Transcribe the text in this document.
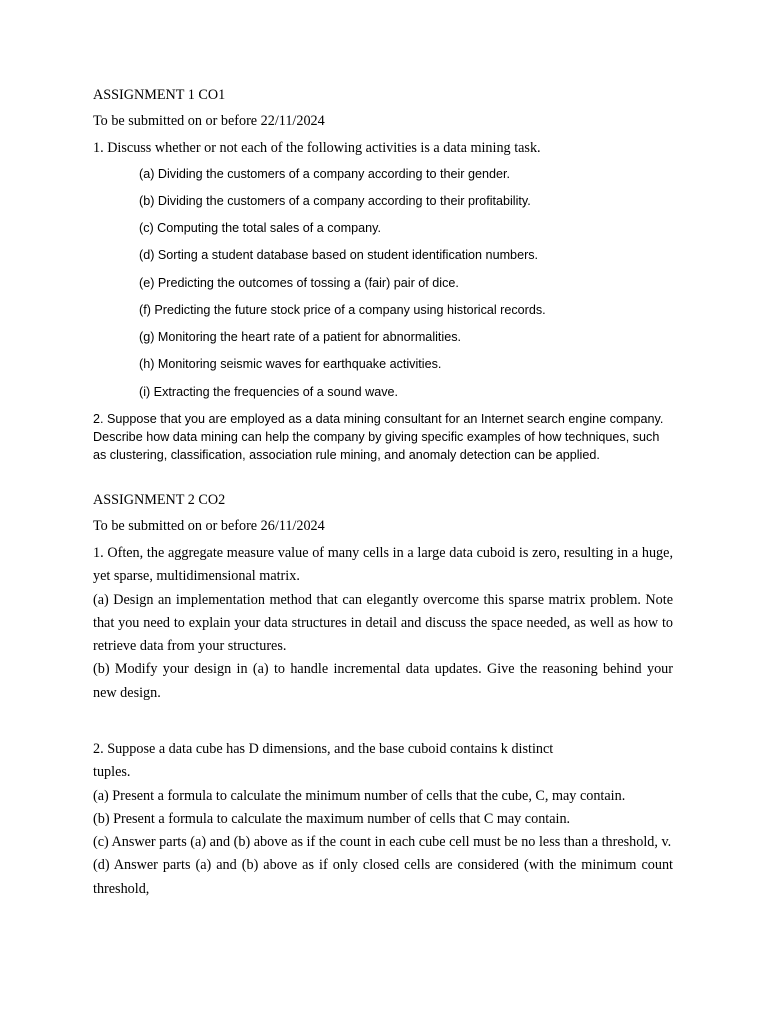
ASSIGNMENT 1 CO1

To be submitted on or before 22/11/2024

1. Discuss whether or not each of the following activities is a data mining task.

(a) Dividing the customers of a company according to their gender.

(b) Dividing the customers of a company according to their profitability.

(c) Computing the total sales of a company.

(d) Sorting a student database based on student identification numbers.

(e) Predicting the outcomes of tossing a (fair) pair of dice.

(f) Predicting the future stock price of a company using historical records.

(g) Monitoring the heart rate of a patient for abnormalities.

(h) Monitoring seismic waves for earthquake activities.

(i) Extracting the frequencies of a sound wave.

2. Suppose that you are employed as a data mining consultant for an Internet search engine company. Describe how data mining can help the company by giving specific examples of how techniques, such as clustering, classification, association rule mining, and anomaly detection can be applied.

ASSIGNMENT 2 CO2

To be submitted on or before 26/11/2024

1. Often, the aggregate measure value of many cells in a large data cuboid is zero, resulting in a huge, yet sparse, multidimensional matrix.
(a) Design an implementation method that can elegantly overcome this sparse matrix problem. Note that you need to explain your data structures in detail and discuss the space needed, as well as how to retrieve data from your structures.
(b) Modify your design in (a) to handle incremental data updates. Give the reasoning behind your new design.
2. Suppose a data cube has D dimensions, and the base cuboid contains k distinct
tuples.
(a) Present a formula to calculate the minimum number of cells that the cube, C, may contain.
(b) Present a formula to calculate the maximum number of cells that C may contain.
(c) Answer parts (a) and (b) above as if the count in each cube cell must be no less than a threshold, v.
(d) Answer parts (a) and (b) above as if only closed cells are considered (with the minimum count threshold,
